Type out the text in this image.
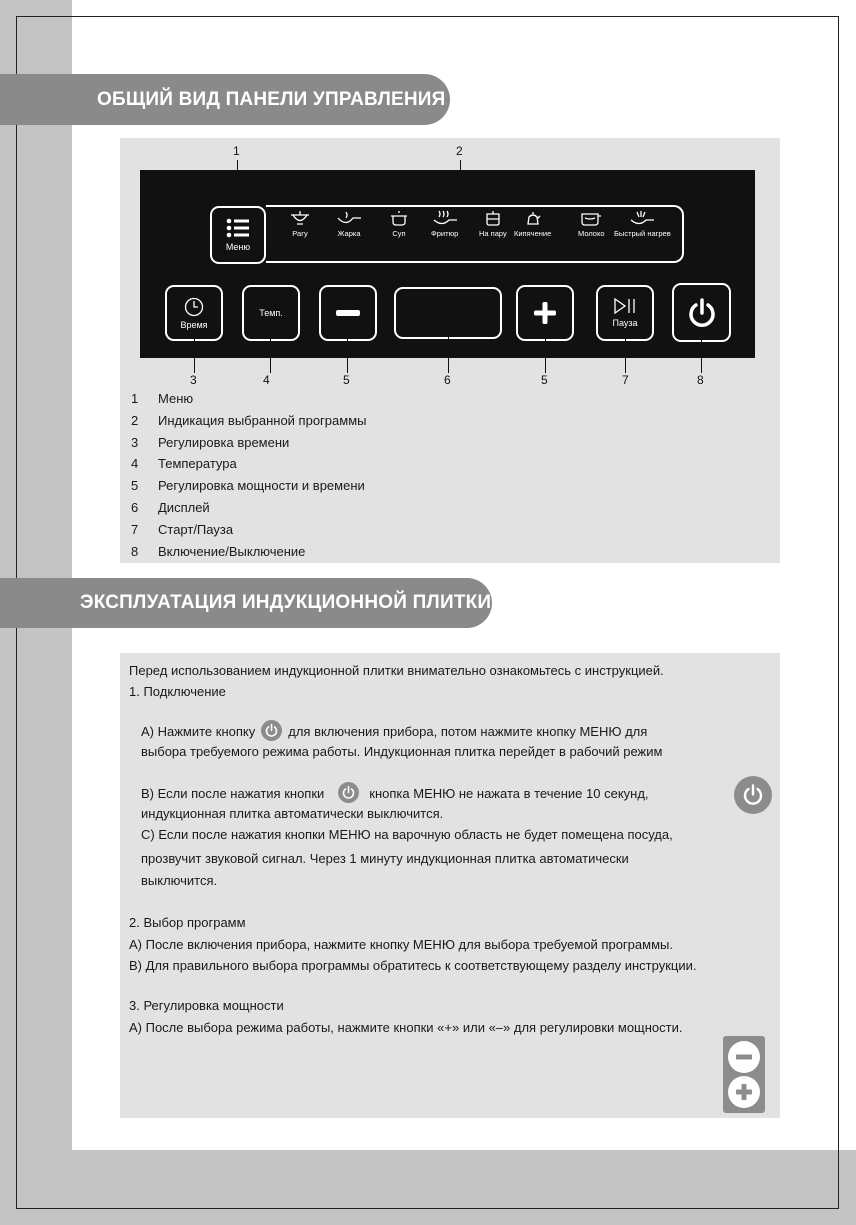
ОБЩИЙ ВИД ПАНЕЛИ УПРАВЛЕНИЯ
1	2
Меню
Рагу	Жарка	Суп	Фритюр	На пару Кипячение	Молоко Быстрый нагрев
Время
Темп.
Пауза
3	4	5	6	5	7	8
1	Меню
2	Индикация выбранной программы
3	Регулировка времени
4	Температура
5	Регулировка мощности и времени
6	Дисплей
7	Старт/Пауза
8	Включение/Выключение
ЭКСПЛУАТАЦИЯ ИНДУКЦИОННОЙ ПЛИТКИ
Перед использованием индукционной плитки внимательно ознакомьтесь с инструкцией.
1. Подключение
А) Нажмите кнопку	для включения прибора, потом нажмите кнопку МЕНЮ для
выбора требуемого режима работы. Индукционная плитка перейдет в рабочий режим
В) Если после нажатия кнопки	кнопка МЕНЮ не нажата в течение 10 секунд,
индукционная плитка автоматически выключится.
С) Если после нажатия кнопки МЕНЮ на варочную область не будет помещена посуда,
прозвучит звуковой сигнал. Через 1 минуту индукционная плитка автоматически
выключится.
2. Выбор программ
А) После включения прибора, нажмите кнопку МЕНЮ для выбора требуемой программы.
В) Для правильного выбора программы обратитесь к соответствующему разделу инструкции.
3. Регулировка мощности
А) После выбора режима работы, нажмите кнопки «+» или «–» для регулировки мощности.
